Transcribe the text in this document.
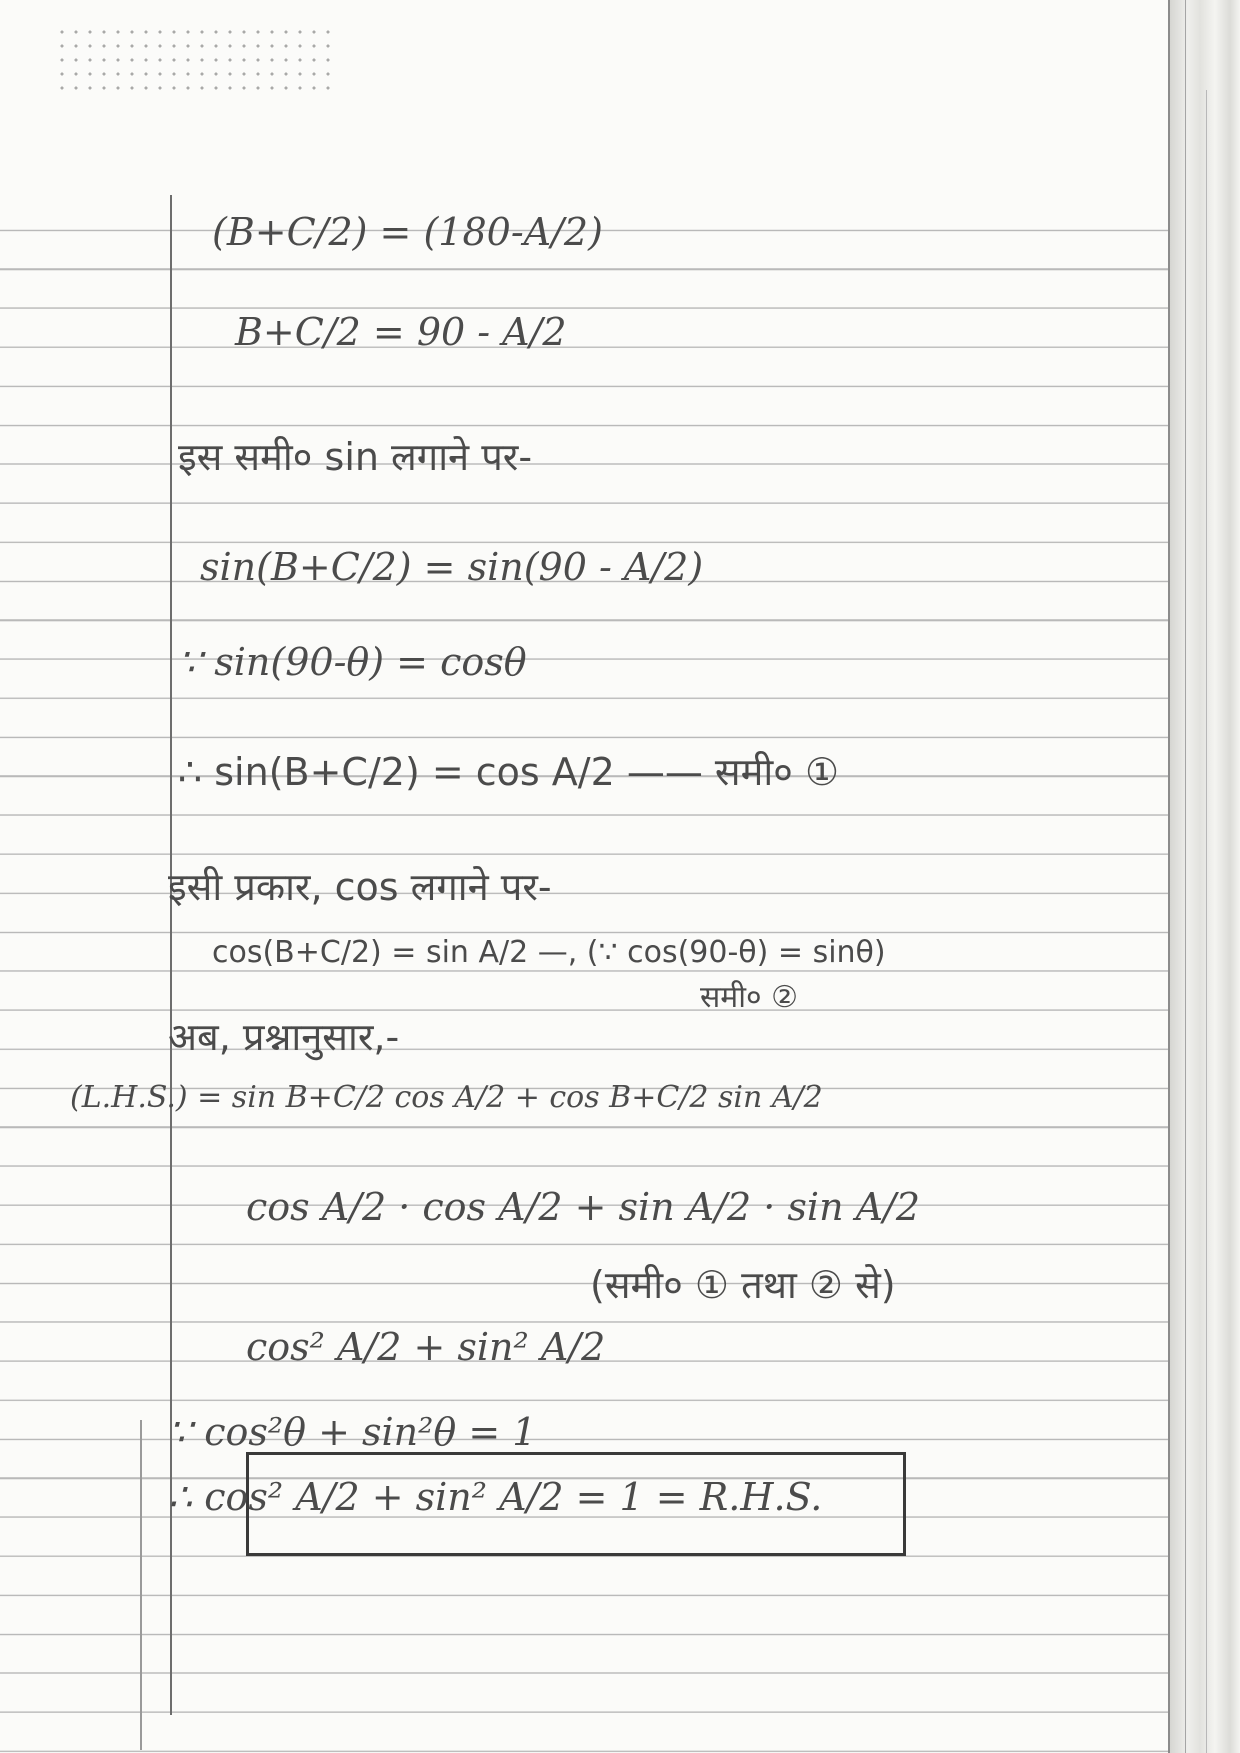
(B+C/2) = (180-A/2)
B+C/2 = 90 - A/2
इस समी० sin लगाने पर-
sin(B+C/2) = sin(90 - A/2)
∵ sin(90-θ) = cosθ
∴ sin(B+C/2) = cos A/2 —— समी० ①
इसी प्रकार, cos लगाने पर-
cos(B+C/2) = sin A/2 —, (∵ cos(90-θ) = sinθ)
समी० ②
अब, प्रश्नानुसार,-
(L.H.S.) = sin B+C/2 cos A/2 + cos B+C/2 sin A/2
cos A/2 · cos A/2 + sin A/2 · sin A/2
(समी० ① तथा ② से)
cos² A/2 + sin² A/2
∵ cos²θ + sin²θ = 1
∴ cos² A/2 + sin² A/2 = 1 = R.H.S.
